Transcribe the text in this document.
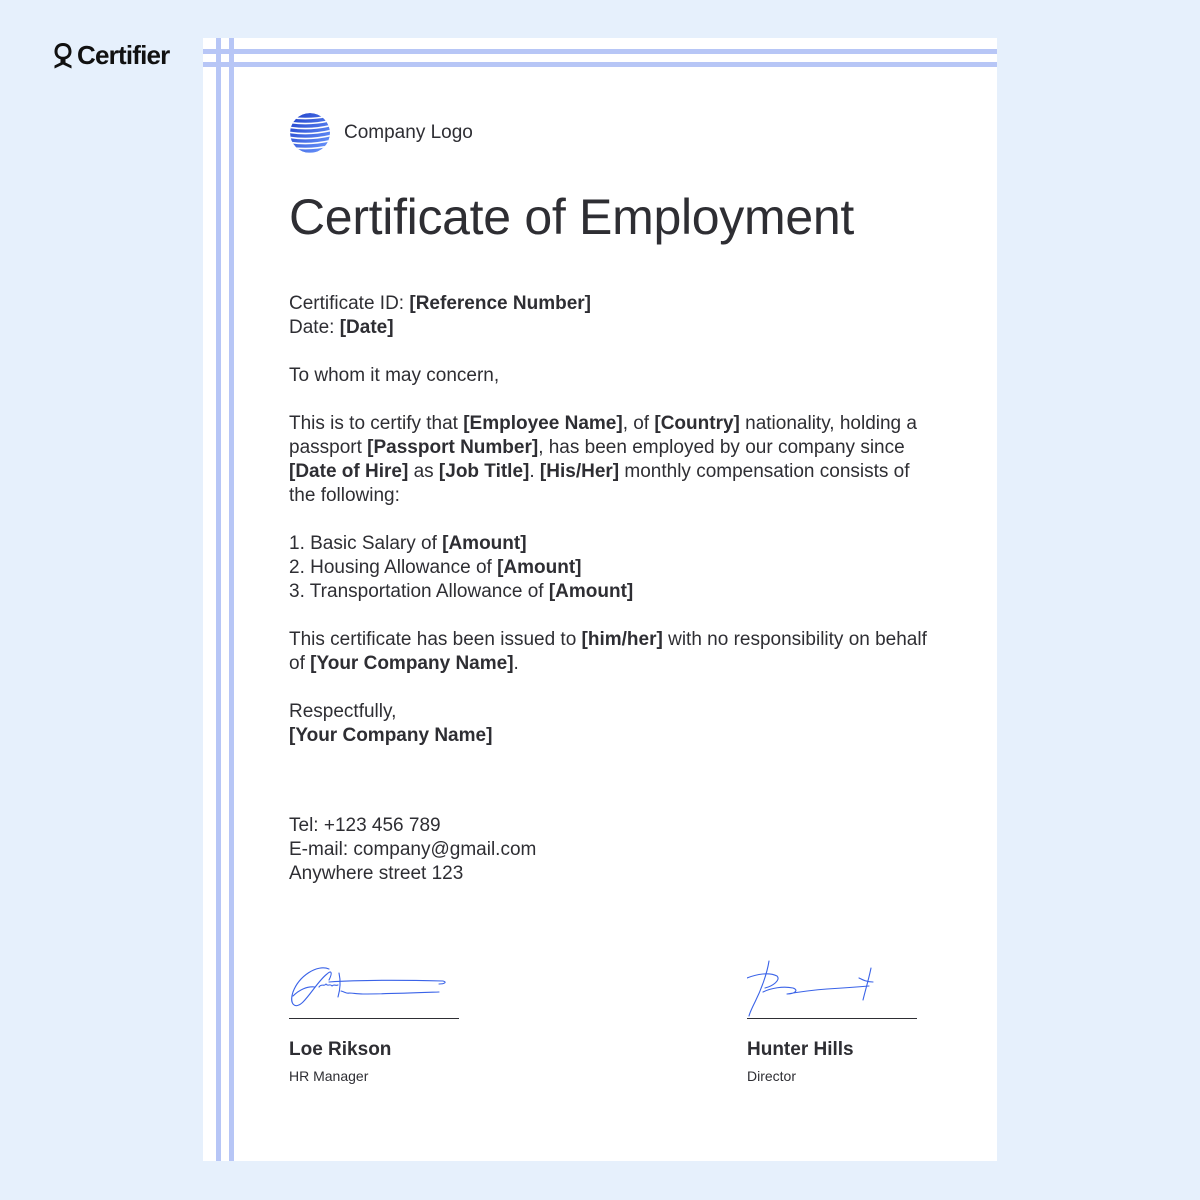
Certifier
Company Logo
Certificate of Employment

Certificate ID: [Reference Number]

Date: [Date]

To whom it may concern,

This is to certify that [Employee Name], of [Country] nationality, holding a passport [Passport Number], has been employed by our company since [Date of Hire] as [Job Title]. [His/Her] monthly compensation consists of the following:

1. Basic Salary of [Amount]

2. Housing Allowance of [Amount]

3. Transportation Allowance of [Amount]

This certificate has been issued to [him/her] with no responsibility on behalf of [Your Company Name].

Respectfully,

[Your Company Name]

Tel: +123 456 789

E-mail: company@gmail.com

Anywhere street 123

Loe Rikson
HR Manager
Hunter Hills
Director
